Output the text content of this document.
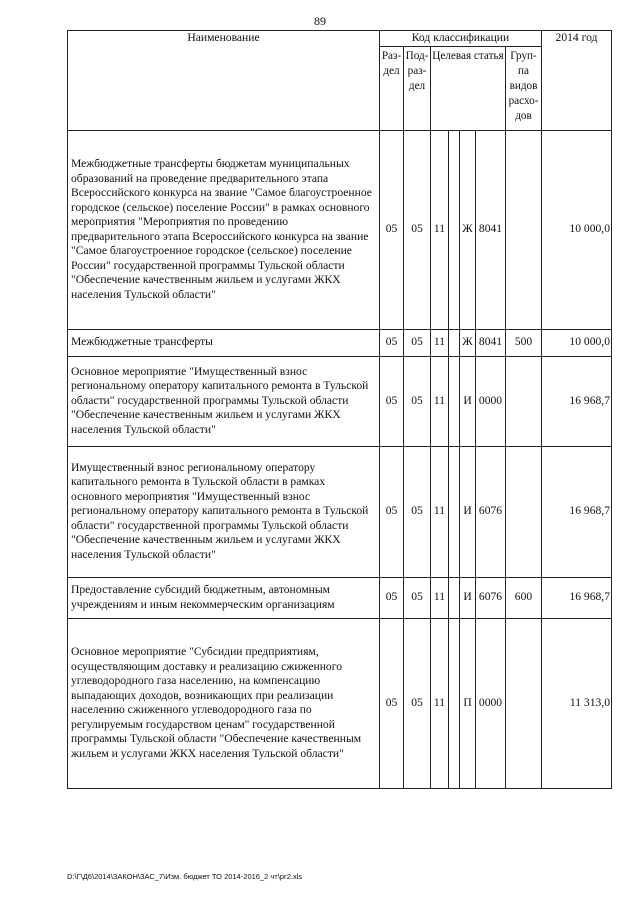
89
Наименование	Код классификации							2014 год
	Раз- дел	Под- раз- дел	Целевая статья				Груп- па видов расхо- дов	
Межбюджетные трансферты бюджетам муниципальных образований на проведение предварительного этапа Всероссийского конкурса на звание "Самое благоустроенное городское (сельское) поселение России" в рамках основного мероприятия "Мероприятия по проведению предварительного этапа Всероссийского конкурса на звание "Самое благоустроенное городское (сельское) поселение России" государственной программы Тульской области "Обеспечение качественным жильем и услугами ЖКХ населения Тульской области"	05	05	11		Ж	8041		10 000,0
Межбюджетные трансферты	05	05	11		Ж	8041	500	10 000,0
Основное мероприятие "Имущественный взнос региональному оператору капитального ремонта в Тульской области" государственной программы Тульской области "Обеспечение качественным жильем и услугами ЖКХ населения Тульской области"	05	05	11		И	0000		16 968,7
Имущественный взнос региональному оператору капитального ремонта в Тульской области в рамках основного мероприятия "Имущественный взнос региональному оператору капитального ремонта в Тульской области" государственной программы Тульской области "Обеспечение качественным жильем и услугами ЖКХ населения Тульской области"	05	05	11		И	6076		16 968,7
Предоставление субсидий бюджетным, автономным учреждениям и иным некоммерческим организациям	05	05	11		И	6076	600	16 968,7
Основное мероприятие "Субсидии предприятиям, осуществляющим доставку и реализацию сжиженного углеводородного газа населению, на компенсацию выпадающих доходов, возникающих при реализации населению сжиженного углеводородного газа по регулируемым государством ценам" государственной программы Тульской области "Обеспечение качественным жильем и услугами ЖКХ населения Тульской области"	05	05	11		П	0000		11 313,0
D:\Г\Д6\2014\ЗАКОН\ЗАС_7\Изм. бюджет ТО 2014-2016_2 чт\рг2.xls
